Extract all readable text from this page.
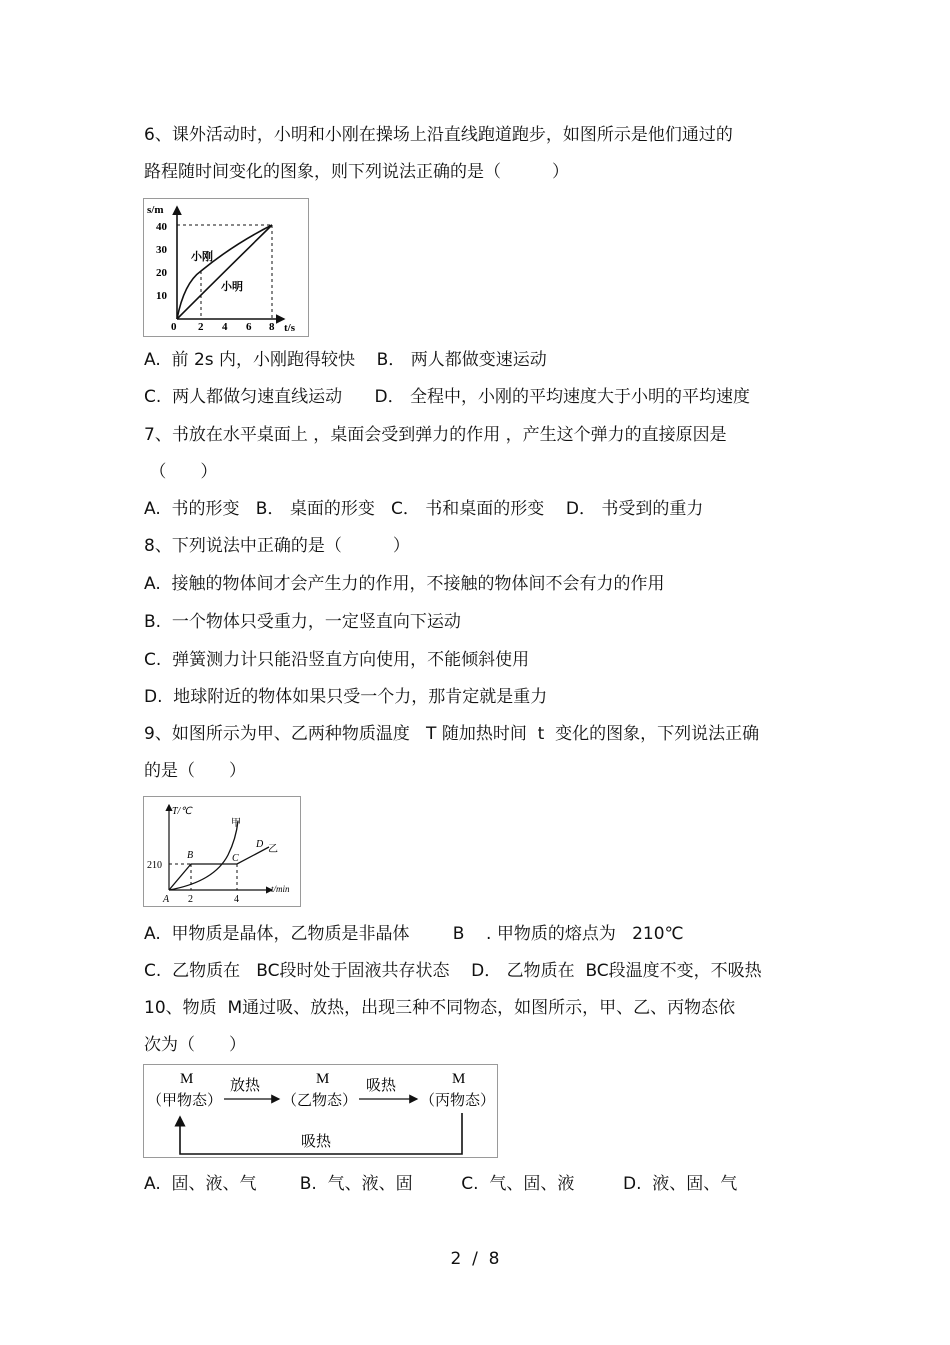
6、课外活动时，小明和小刚在操场上沿直线跑道跑步，如图所示是他们通过的
路程随时间变化的图象，则下列说法正确的是（　　　）
s/m
40
30
20
10
0 2 4 6 8 t/s
小刚
小明
A.  前 2s 内，小刚跑得较快    B． 两人都做变速运动
C.  两人都做匀速直线运动      D． 全程中，小刚的平均速度大于小明的平均速度
7、书放在水平桌面上 ，桌面会受到弹力的作用 ，产生这个弹力的直接原因是
（　　）
A.  书的形变   B． 桌面的形变   C． 书和桌面的形变    D． 书受到的重力
8、下列说法中正确的是（　　　）
A.  接触的物体间才会产生力的作用，不接触的物体间不会有力的作用
B.  一个物体只受重力，一定竖直向下运动
C.  弹簧测力计只能沿竖直方向使用，不能倾斜使用
D.  地球附近的物体如果只受一个力，那肯定就是重力
9、如图所示为甲、乙两种物质温度   T 随加热时间  t  变化的图象，下列说法正确
的是（　　）
T/℃
210
A
B	C
D
甲
乙
2	4
t/min
A.  甲物质是晶体，乙物质是非晶体        B    . 甲物质的熔点为   210℃
C.  乙物质在   BC段时处于固液共存状态    D． 乙物质在  BC段温度不变，不吸热
10、物质  M通过吸、放热，出现三种不同物态，如图所示，甲、乙、丙物态依
次为（　　）
M
（甲物态）
M
（乙物态）
M
（丙物态）
放热	吸热
吸热
A.  固、液、气        B.  气、液、固         C.  气、固、液         D.  液、固、气
2  /  8
